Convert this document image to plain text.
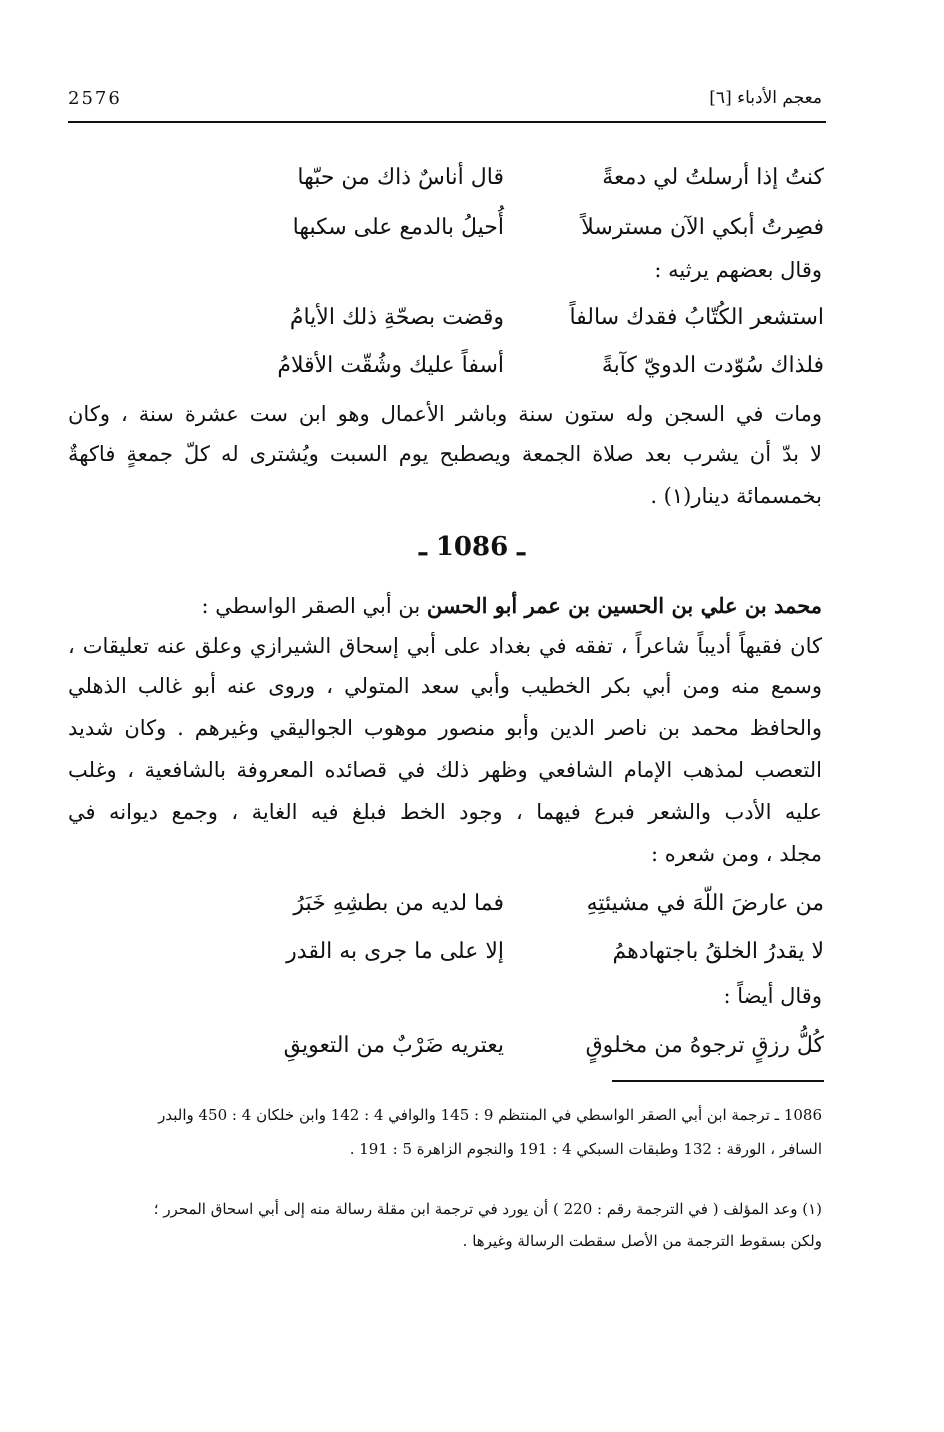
معجم الأدباء [٦]
2576
كنتُ إذا أرسلتُ لي دمعةً
قال أناسٌ ذاك من حبّها
فصِرتُ أبكي الآن مسترسلاً
أُحيلُ بالدمع على سكبها
وقال بعضهم يرثيه :
استشعر الكُتّابُ فقدك سالفاً
وقضت بصحّةِ ذلك الأيامُ
فلذاك سُوّدت الدويّ كآبةً
أسفاً عليك وشُقّت الأقلامُ
ومات في السجن وله ستون سنة وباشر الأعمال وهو ابن ست عشرة سنة ، وكان
لا بدّ أن يشرب بعد صلاة الجمعة ويصطبح يوم السبت ويُشترى له كلّ جمعةٍ فاكهةٌ
بخمسمائة دينار(١) .
ـ 1086 ـ
محمد بن علي بن الحسين بن عمر أبو الحسن بن أبي الصقر الواسطي :
كان فقيهاً أديباً شاعراً ، تفقه في بغداد على أبي إسحاق الشيرازي وعلق عنه تعليقات ،
وسمع منه ومن أبي بكر الخطيب وأبي سعد المتولي ، وروى عنه أبو غالب الذهلي
والحافظ محمد بن ناصر الدين وأبو منصور موهوب الجواليقي وغيرهم . وكان شديد
التعصب لمذهب الإمام الشافعي وظهر ذلك في قصائده المعروفة بالشافعية ، وغلب
عليه الأدب والشعر فبرع فيهما ، وجود الخط فبلغ فيه الغاية ، وجمع ديوانه في
مجلد ، ومن شعره :
من عارضَ اللّهَ في مشيئتِهِ
فما لديه من بطشِهِ خَبَرُ
لا يقدرُ الخلقُ باجتهادهمُ
إلا على ما جرى به القدر
وقال أيضاً :
كُلُّ رزقٍ ترجوهُ من مخلوقٍ
يعتريه ضَرْبٌ من التعويقِ
1086 ـ ترجمة ابن أبي الصقر الواسطي في المنتظم 9 : 145 والوافي 4 : 142 وابن خلكان 4 : 450 والبدر
السافر ، الورقة : 132 وطبقات السبكي 4 : 191 والنجوم الزاهرة 5 : 191 .
(١) وعد المؤلف ( في الترجمة رقم : 220 ) أن يورد في ترجمة ابن مقلة رسالة منه إلى أبي اسحاق المحرر ؛
ولكن بسقوط الترجمة من الأصل سقطت الرسالة وغيرها .
